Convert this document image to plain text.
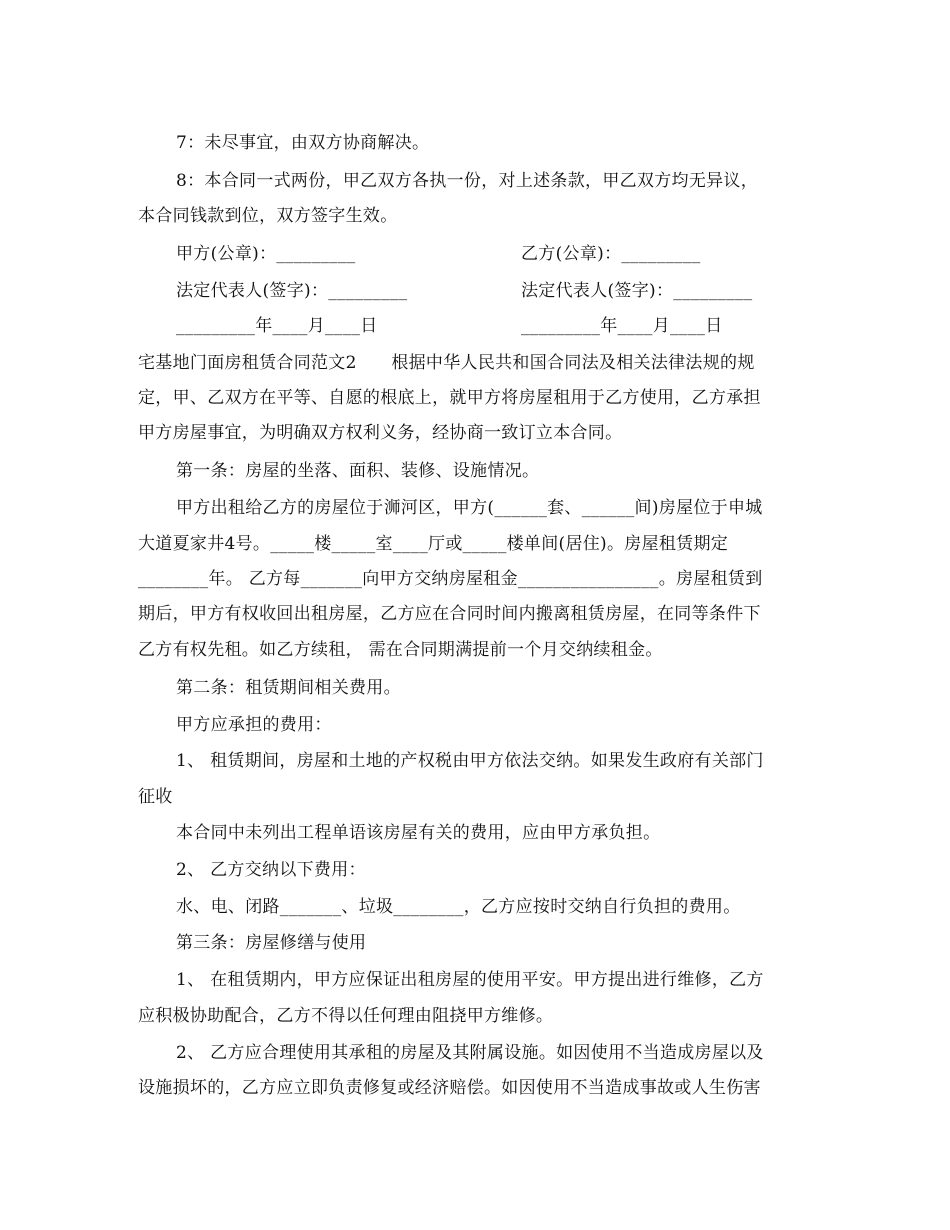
7：未尽事宜，由双方协商解决。
8：本合同一式两份，甲乙双方各执一份，对上述条款，甲乙双方均无异议，
本合同钱款到位，双方签字生效。
甲方(公章)：_________	乙方(公章)：_________
法定代表人(签字)：_________	法定代表人(签字)：_________
_________年____月____日	_________年____月____日
宅基地门面房租赁合同范文2　　根据中华人民共和国合同法及相关法律法规的规
定，甲、乙双方在平等、自愿的根底上，就甲方将房屋租用于乙方使用，乙方承担
甲方房屋事宜，为明确双方权利义务，经协商一致订立本合同。
第一条：房屋的坐落、面积、装修、设施情况。
甲方出租给乙方的房屋位于浉河区，甲方(______套、______间)房屋位于申城
大道夏家井4号。_____楼_____室____厅或_____楼单间(居住)。房屋租赁期定
________年。 乙方每_______向甲方交纳房屋租金________________。房屋租赁到
期后，甲方有权收回出租房屋，乙方应在合同时间内搬离租赁房屋，在同等条件下
乙方有权先租。如乙方续租， 需在合同期满提前一个月交纳续租金。
第二条：租赁期间相关费用。
甲方应承担的费用：
1、 租赁期间，房屋和土地的产权税由甲方依法交纳。如果发生政府有关部门
征收
本合同中未列出工程单语该房屋有关的费用，应由甲方承负担。
2、 乙方交纳以下费用：
水、电、闭路_______、垃圾________，乙方应按时交纳自行负担的费用。
第三条：房屋修缮与使用
1、 在租赁期内，甲方应保证出租房屋的使用平安。甲方提出进行维修，乙方
应积极协助配合，乙方不得以任何理由阻挠甲方维修。
2、 乙方应合理使用其承租的房屋及其附属设施。如因使用不当造成房屋以及
设施损坏的，乙方应立即负责修复或经济赔偿。如因使用不当造成事故或人生伤害
